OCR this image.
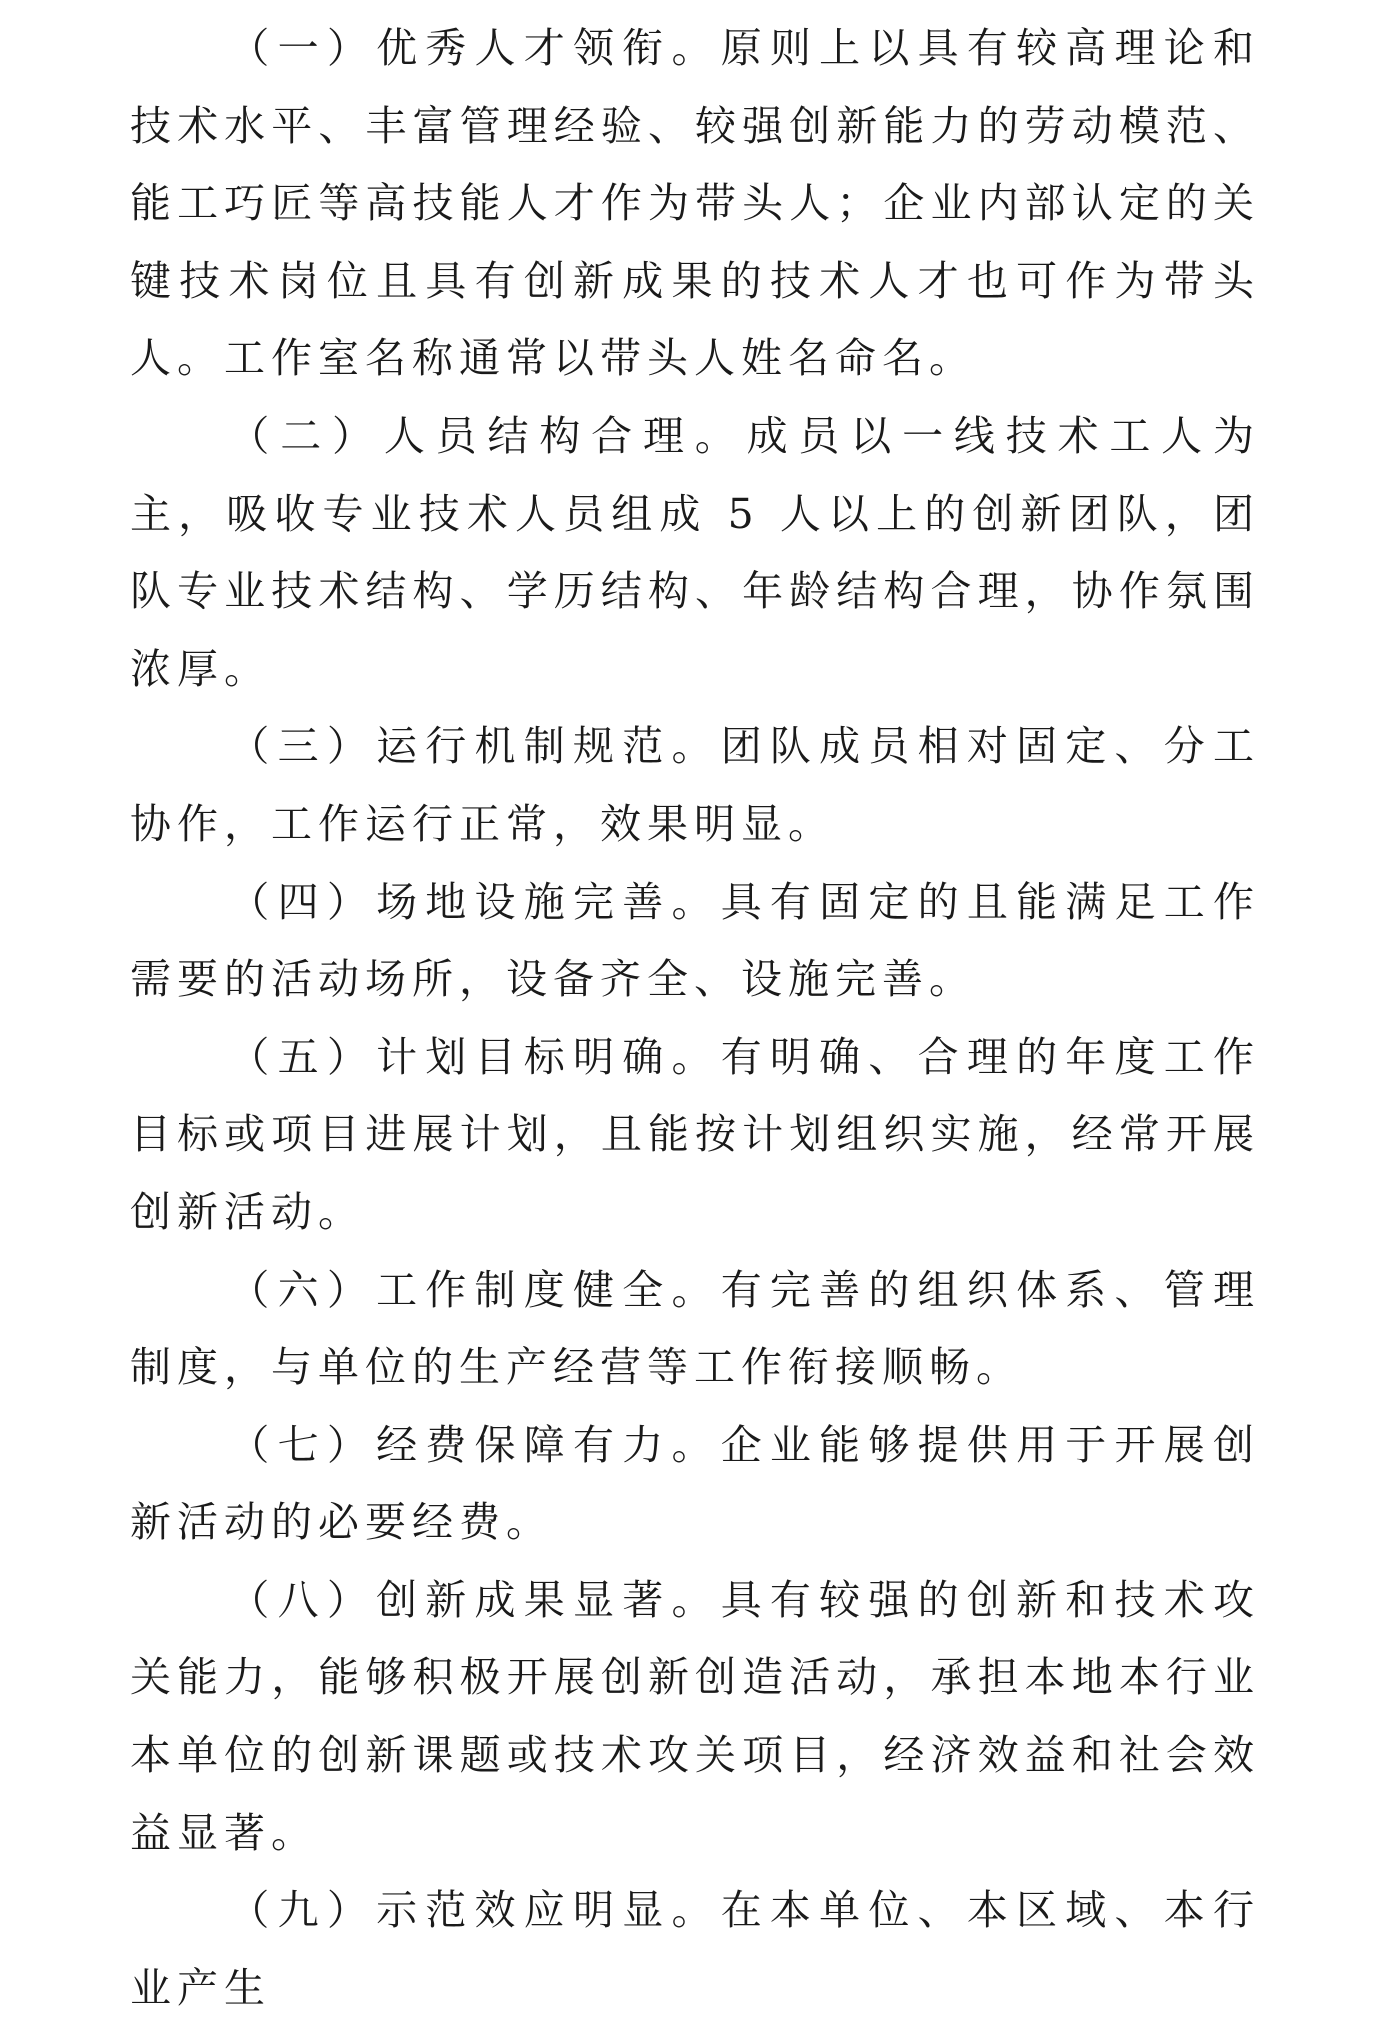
（一）优秀人才领衔。原则上以具有较高理论和技术水平、丰富管理经验、较强创新能力的劳动模范、能工巧匠等高技能人才作为带头人；企业内部认定的关键技术岗位且具有创新成果的技术人才也可作为带头人。工作室名称通常以带头人姓名命名。

（二）人员结构合理。成员以一线技术工人为主，吸收专业技术人员组成 5 人以上的创新团队，团队专业技术结构、学历结构、年龄结构合理，协作氛围浓厚。

（三）运行机制规范。团队成员相对固定、分工协作，工作运行正常，效果明显。

（四）场地设施完善。具有固定的且能满足工作需要的活动场所，设备齐全、设施完善。

（五）计划目标明确。有明确、合理的年度工作目标或项目进展计划，且能按计划组织实施，经常开展创新活动。

（六）工作制度健全。有完善的组织体系、管理制度，与单位的生产经营等工作衔接顺畅。

（七）经费保障有力。企业能够提供用于开展创新活动的必要经费。

（八）创新成果显著。具有较强的创新和技术攻关能力，能够积极开展创新创造活动，承担本地本行业本单位的创新课题或技术攻关项目，经济效益和社会效益显著。

（九）示范效应明显。在本单位、本区域、本行业产生
